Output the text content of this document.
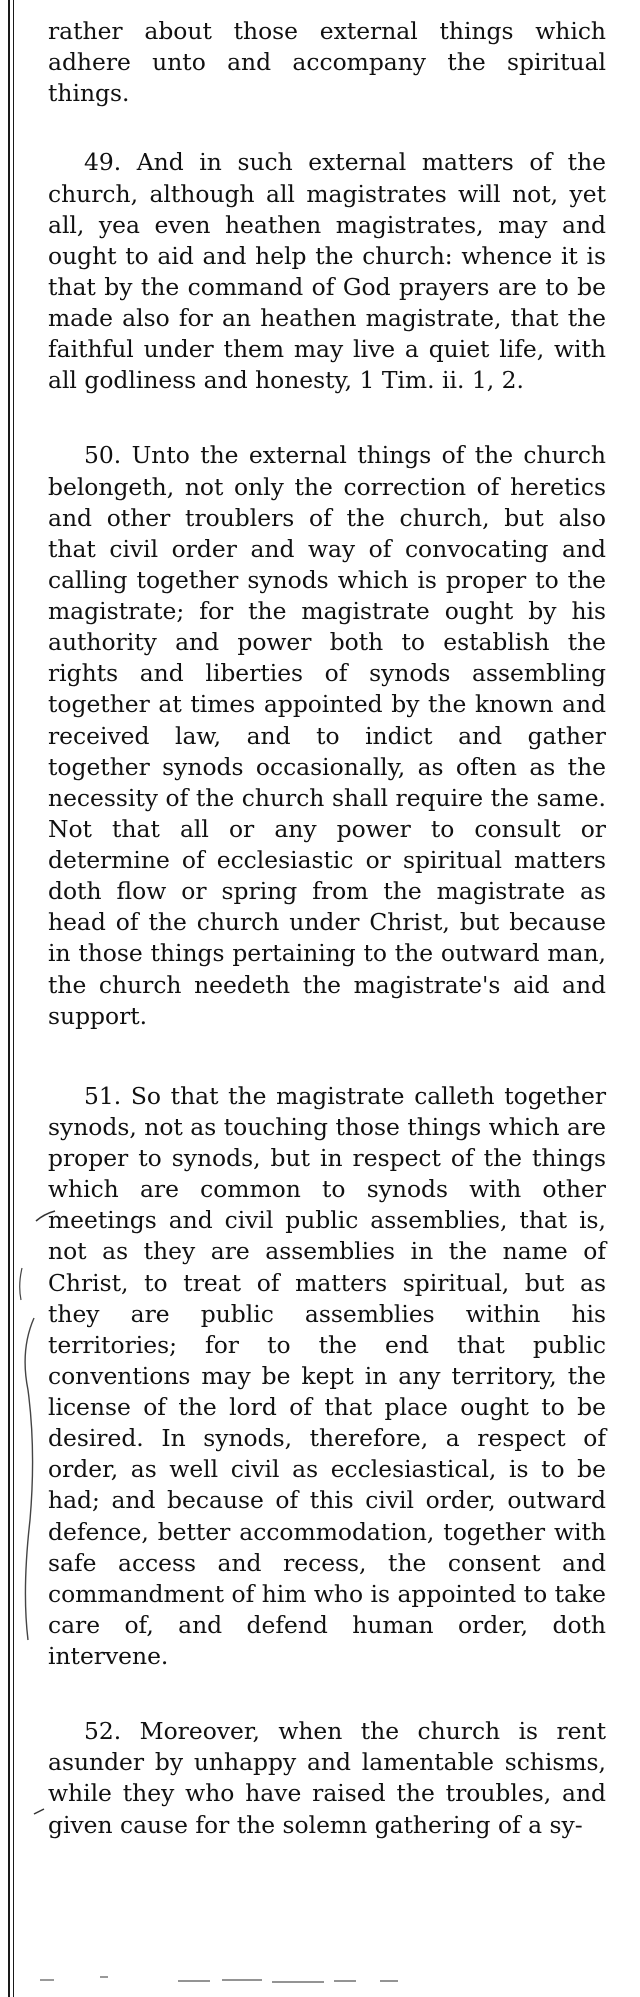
rather about those external things which adhere unto and accompany the spiritual things.

49. And in such external matters of the church, although all magistrates will not, yet all, yea even heathen magistrates, may and ought to aid and help the church: whence it is that by the command of God prayers are to be made also for an heathen magistrate, that the faithful under them may live a quiet life, with all godliness and honesty, 1 Tim. ii. 1, 2.

50. Unto the external things of the church belongeth, not only the correction of heretics and other troublers of the church, but also that civil order and way of convocating and calling together synods which is proper to the magistrate; for the magistrate ought by his authority and power both to establish the rights and liberties of synods assembling together at times appointed by the known and received law, and to indict and gather together synods occasionally, as often as the necessity of the church shall require the same. Not that all or any power to consult or determine of ecclesiastic or spiritual matters doth flow or spring from the magistrate as head of the church under Christ, but because in those things pertaining to the outward man, the church needeth the magistrate's aid and support.

51. So that the magistrate calleth together synods, not as touching those things which are proper to synods, but in respect of the things which are common to synods with other meetings and civil public assemblies, that is, not as they are assemblies in the name of Christ, to treat of matters spiritual, but as they are public assemblies within his territories; for to the end that public conventions may be kept in any territory, the license of the lord of that place ought to be desired. In synods, therefore, a respect of order, as well civil as ecclesiastical, is to be had; and because of this civil order, outward defence, better accommodation, together with safe access and recess, the consent and commandment of him who is appointed to take care of, and defend human order, doth intervene.

52. Moreover, when the church is rent asunder by unhappy and lamentable schisms, while they who have raised the troubles, and given cause for the solemn gathering of a sy-
